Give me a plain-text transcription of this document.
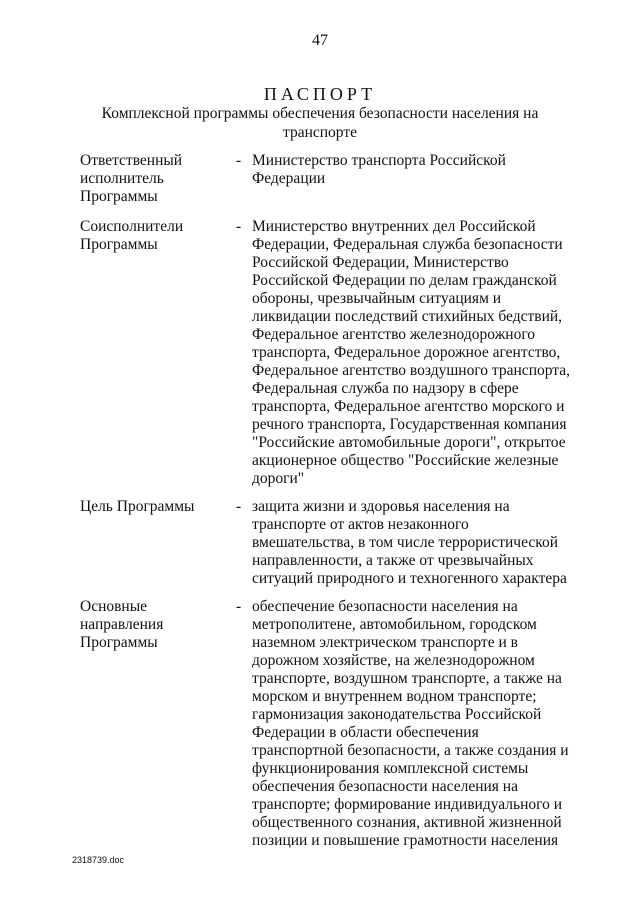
47
ПАСПОРТ
Комплексной программы обеспечения безопасности населения на транспорте
Ответственный
исполнитель
Программы
- Министерство транспорта Российской Федерации
Соисполнители
Программы
- Министерство внутренних дел Российской Федерации, Федеральная служба безопасности Российской Федерации, Министерство Российской Федерации по делам гражданской обороны, чрезвычайным ситуациям и ликвидации последствий стихийных бедствий, Федеральное агентство железнодорожного транспорта, Федеральное дорожное агентство, Федеральное агентство воздушного транспорта, Федеральная служба по надзору в сфере транспорта, Федеральное агентство морского и речного транспорта, Государственная компания "Российские автомобильные дороги", открытое акционерное общество "Российские железные дороги"
Цель Программы	- защита жизни и здоровья населения на транспорте от актов незаконного вмешательства, в том числе террористической направленности, а также от чрезвычайных ситуаций природного и техногенного характера
Основные
направления
Программы
- обеспечение безопасности населения на метрополитене, автомобильном, городском наземном электрическом транспорте и в дорожном хозяйстве, на железнодорожном транспорте, воздушном транспорте, а также на морском и внутреннем водном транспорте; гармонизация законодательства Российской Федерации в области обеспечения транспортной безопасности, а также создания и функционирования комплексной системы обеспечения безопасности населения на транспорте; формирование индивидуального и общественного сознания, активной жизненной позиции и повышение грамотности населения
2318739.doc
